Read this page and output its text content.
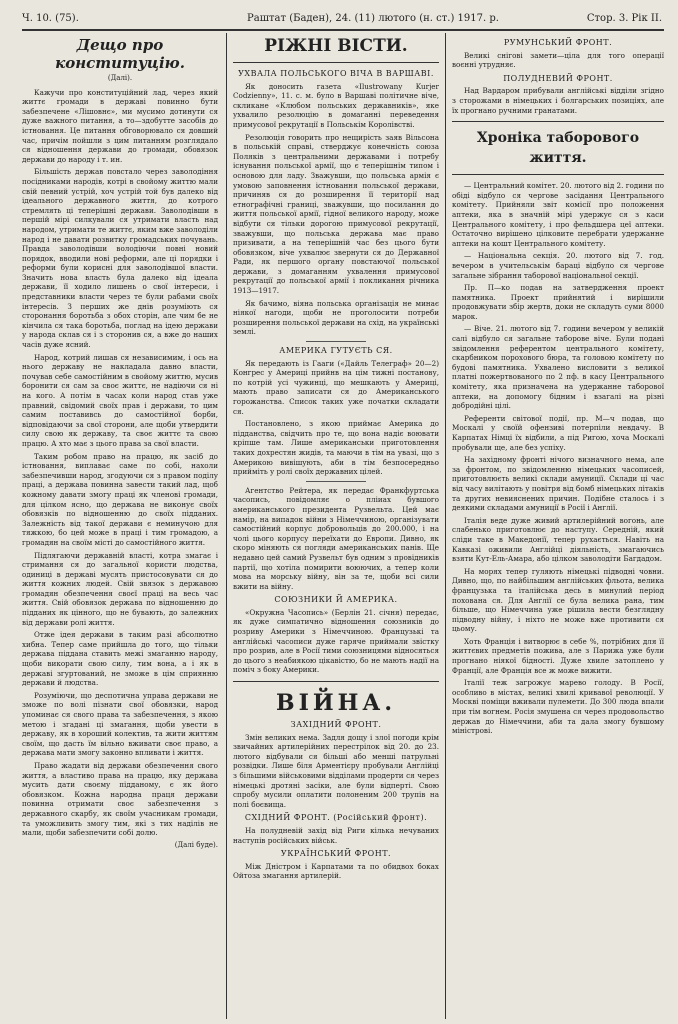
Ч. 10. (75).	Раштат (Баден), 24. (11) лютого (н. ст.) 1917. р.	Стор. 3. Рік II.
Дещо про конституцію.
(Далі).

Кажучи про конституційний лад, через який життє громади в державі повинно бути забезпечене «Лішовнє», ми мусимо дотинути ся дуже важного питання, а то—здобутте засобів до істновання. Це питання обговорювало ся довший час, причім пойшли з цим питанням розглядало ся відношення держави до громади, обовязок держави до народу і т. ин.

Більшість держав повстало через заволодіння посідниками народів, котрі в свойому життю мали свій певний устрій, хоч устрій той був далеко від ідеального державного життя, до котрого стремлять ці теперішні держави. Заволодівши в першій мірі силкували ся утримати власть над народом, утримати те життє, яким вже заволоділи народ і не давати розвитку громадських почувань. Правда заволодівши володіючи повні новий порядок, вводили нові реформи, але ці порядки і реформи були корисні для заволодівшої власти. Значить нова власть була далеко від ідеала держави, її ходило лишень о свої інтереси, і представники власти через те були рабами своїх інтересів. З перших же днів розуміють ся сторонання боротьба з обох сторін, але чим бе не кінчила ся така боротьба, поглад на ідею держави у народа склав ся і з сторонив ся, а вже до наших часів дуже ясний.

Народ, котрий лишав ся независимим, і ось на нього державу не накладала давно власти, почував себе самостійним в свойому життю, мусив боронити ся сам за своє життє, не надіючи ся ні на кого. А потім в часах коли народ став уже правний, свідомий своїх прав і держави, то цим самим поставивсь до самостійної борби, відповідаючи за свої сторони, але щоби утвердити силу свою як державу, та своє життє та свою працю. А хто має з цього права за свої власти.

Таким робом право на працю, як засіб до істновання, виплаває саме по собі, нахоли забезпечивши народ, згодуючи ся з правом поділу праці, а держава повинна завести такий лад, щоб кожному давати змогу праці як членові громади, для цілком ясно, що держава не виконує своїх обовязків по відношенню до своїх підданих. Залежність від такої держави є неминучою для тяжкою, бо цей може в праці і тим громадою, а громадян на своїм місті до самостійного життя.

Підлягаючи державній власті, котра змагає і стримання ся до загальної користи людства, одиниці в державі мусять пристосовувати ся до життя кожних людей. Свій звязок з державою громадян обезпечення своєї праці на весь час життя. Свій обовязок держава по відношенню до підданих як цінного, що не бувають, до залежних від держави ролі життя.

Отже ідея держави в таким разі абсолютно хибна. Тепер саме прийшла до того, що тільки держава піддана ставить межі змаганню народу, щоби викорати свою силу, тим вона, а і як в державі згуртований, не зможе в цім сприянню держави й людства.

Розуміючи, що деспотична управа держави не зможе по волі пізнати свої обовязки, народ упоминає ся свого права та забезпечення, з якою метою і згадані ці змагання, щоби увести в державу, як в хороший колектив, та жити життям своїм, що дасть їм вільно вживати своє право, а держава мати змогу законно впливати і життя.

Право жадати від держави обезпечення свого життя, а властиво права на працю, яку держава мусить дати своєму підданому, є як його обовязком. Кожна народна праця держави повинна отримати своє забезпечення з державного скарбу, як своїм учасникам громади, та уможливить змогу тим, які з тих наділів не мали, щоби забезпечити собі долю.

(Далі буде).
РІЖНІ ВІСТИ.
УХВАЛА ПОЛЬСЬКОГО ВІЧА В ВАРШАВІ.

Як доносить газета «Ilustrowany Kurjer Codzienny», 11. с. м. було в Варшаві політичне віче, скликане «Клюбом польських державників», яке ухвалило резолюцію в домаганні переведення примусової рекрутації в Польськім Королівстві.

Резолюція говорить про нещирість заяв Вільсона в польській справі, стверджує конечність союза Поляків з центральними державами і потребу існування польської армії, що є теперішнім типом і основою для ладу. Зважувши, що польська армія є умовою заповнення істновання польської держави, причиняв ся до розширення її території над етнографічні границі, зважувши, що посилання до життя польської армії, гідної великого народу, може відбути ся тільки дорогою примусової рекрутації, зважувши, що польська держава має право призивати, а на теперішній час без цього бути обовязком, віче ухвалює звернути ся до Державної Ради, як першого органу повстаючої польської держави, з домаганням ухвалення примусової рекрутації до польської армії і покликання річника 1913—1917.

Як бачимо, віяна польська організація не минає ніякої нагоди, щоби не проголосити потреби розширення польської держави на схід, на українські землі.

АМЕРИКА ГУТУЄТЬ СЯ.

Як передають із Гааги («Дайль Телеграф» 20—2) Конгрес у Америці прийнв на цім тижні постанову, по котрій усі чужинці, що мешкають у Америці, мають право записати ся до Американського горожанства. Список таких уже початки складати ся.

Постановлено, з якою приймає Америка до підданства, свідчить про те, що вона надіє воювати кріпше там. Лише американськи приготовлення таких дохрестян жидів, та маючи в тім на увазі, що з Америкою вивішують, аби в тім безпосередньо прийміть у ролі своїх державних цілей.

Агентство Рейтера, як передає Франкфуртська часопись, повідомляє о пліиах бувшого американського президента Рузвельта. Цей має намір, на випадок війни з Німеччиною, організувати самостійний корпус добровольців до 200.000, і на чолі цього корпусу переїхати до Европи. Дивно, як скоро міняють ся погляди американських панів. Ще недавно цей самий Рузвельт був одним з провідників партії, що хотіла помирити воюючих, а тепер коли мова на морську війну, він за те, щоби всі сили вжити на війну.

СОЮЗНИКИ Й АМЕРИКА.

«Окружна Часопись» (Берлін 21. січня) передає, як дуже симпатично відношення союзників до розриву Америки з Німеччиною. Французькі та англійські часописи дуже гаряче приймали звістку про розрив, але в Росії тими союзницями відносяться до цього з неабиякою цікавістю, бо не мають надії на поміч з боку Америки.

ВІЙНА.
ЗАХІДНИЙ ФРОНТ.

Змін великих нема. Задля дощу і злої погоди крім звичайних артилерійних перестрілок від 20. до 23. лютого відбували ся більші або менші патрульні розвідки. Лише біля Арментієру пробували Англійці з більшими військовими відділами продерти ся через німецькі дротяні засіки, але були відперті. Свою спробу мусили оплатити полоненим 200 трупів на полі боєвища.

СХІДНИЙ ФРОНТ. (Російський фронт).

На полудневій захід від Риги кілька нечуваних наступів російських військ.

УКРАЇНСЬКИЙ ФРОНТ.

Між Дністром і Карпатами та по обидвох боках Ойтоза змагання артилерій.

РУМУНСЬКИЙ ФРОНТ.

Великі снігові замети—ціла для того операції воєнні утрудняє.

ПОЛУДНЕВИЙ ФРОНТ.

Над Вардаром прибували англійські відділи згідно з сторожами в німецьких і болгарських позиціях, але їх прогнано ручними гранатами.

Хроніка таборового життя.

— Центральний комітет. 20. лютого від 2. години по обіді відбуло ся чергове засідання Центрального комітету. Прийняли звіт комісії про положення аптеки, яка в значній мірі удержує ся з каси Центрального комітету, і про фельдшера цеї аптеки. Остаточно вирішено цілковите перебрати удержанне аптеки на кошт Центрального комітету.

— Національна секція. 20. лютого від 7. год. вечером в учительськім бараці відбуло ся чергове загальне зібрання таборової національної секції.

Пр. П—ко подав на затвердження проект памятника. Проект прийнятий і вирішили продовжувати збір жертв, доки не складуть суми 8000 марок.

— Віче. 21. лютого від 7. години вечером у великій салі відбуло ся загальне таборове віче. Були подані звідомлення референтом центрального комітету, скарбником порохового бюра, та головою комітету по будові памятника. Ухвалено висловити з великої платні пожертвованого по 2 пф. в касу Центрального комітету, яка призначена на удержанне таборової аптеки, на допомогу бідним і взагалі на різні добродійні цілі.

Референти світової події, пр. М—ч подав, що Москалі у своїй офензиві потерпіли невдачу. В Карпатах Німці їх відбили, а під Ригою, хоча Москалі пробували ще, але без успіху.

На західному фронті нічого визначного нема, але за фронтом, по звідомленню німецьких часописей, приготовлюєть великі склади амуниції. Склади ці час від часу вилітають у повітря від бомб німецьких літаків та других невияснених причин. Подібне сталось і з деякими складами амуниції в Росії і Англії.

Італія веде дуже живий артилерійний вогонь, але слабенько приготовлює до наступу. Середній, який сліди таке в Македонії, тепер рухається. Навіть на Кавказі оживили Англійці діяльність, змагаючись взяти Кут-Ель-Амара, або цілком заволодіти Багдадом.

На морях тепер гуляють німецькі підводні човни. Дивно, що, по найбільшим англійських фльота, велика французька та італійська десь в минулий період похована ся. Для Англії се була велика рана, тим більше, що Німеччина уже рішила вести безглядну підводну війну, і ніхто не може вже противити ся цьому.

Хоть Франція і витворює в себе %, потрібних для її життєвих предметів пожива, але з Парижа уже були прогнано ніякої бідності. Дуже хвиле затоплено у Франції, але Франція все ж може вижити.

Італії теж загрожує марево голоду. В Росії, особливо в містах, великі хвилі кривавої революції. У Москві поміщи вживали пулемети. До 300 люда впали при тім вогнем. Росія змушена ся через продовольство держав до Німеччини, аби та дала змогу бувшому міністрові.
